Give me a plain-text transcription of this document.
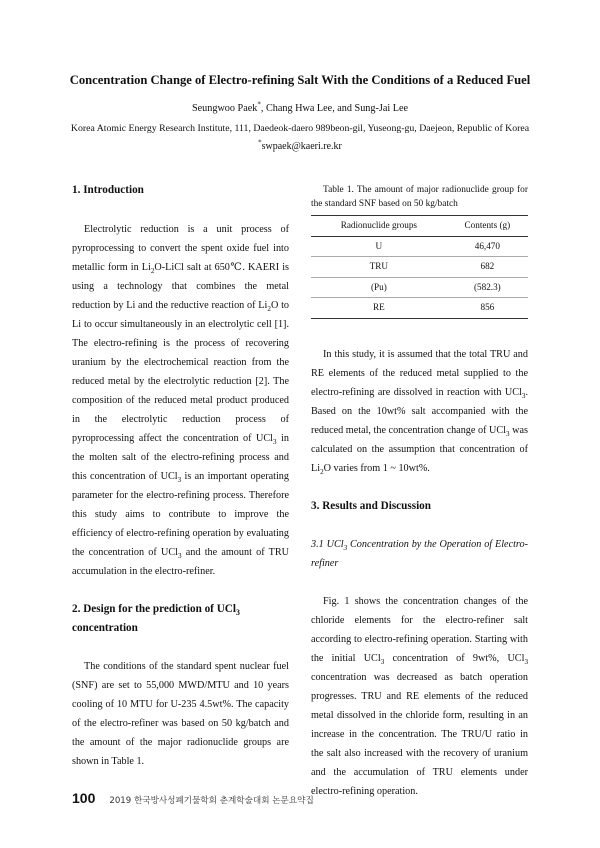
Concentration Change of Electro-refining Salt With the Conditions of a Reduced Fuel
Seungwoo Paek*, Chang Hwa Lee, and Sung-Jai Lee
Korea Atomic Energy Research Institute, 111, Daedeok-daero 989beon-gil, Yuseong-gu, Daejeon, Republic of Korea
*swpaek@kaeri.re.kr

1. Introduction

Electrolytic reduction is a unit process of pyroprocessing to convert the spent oxide fuel into metallic form in $Li_2O$-LiCl salt at 650℃. KAERI is using a technology that combines the metal reduction by Li and the reductive reaction of $Li_2O$ to Li to occur simultaneously in an electrolytic cell [1]. The electro-refining is the process of recovering uranium by the electrochemical reaction from the reduced metal by the electrolytic reduction [2]. The composition of the reduced metal product produced in the electrolytic reduction process of pyroprocessing affect the concentration of UCl$_3$ in the molten salt of the electro-refining process and this concentration of UCl$_3$ is an important operating parameter for the electro-refining process. Therefore this study aims to contribute to improve the efficiency of electro-refining operation by evaluating the concentration of UCl$_3$ and the amount of TRU accumulation in the electro-refiner.

2. Design for the prediction of UCl$_3$
concentration

The conditions of the standard spent nuclear fuel (SNF) are set to 55,000 MWD/MTU and 10 years cooling of 10 MTU for U-235 4.5wt%. The capacity of the electro-refiner was based on 50 kg/batch and the amount of the major radionuclide groups are shown in Table 1.

Table 1. The amount of major radionuclide group for the standard SNF based on 50 kg/batch

Radionuclide groups	Contents (g)
U	46,470
TRU	682
(Pu)	(582.3)
RE	856

In this study, it is assumed that the total TRU and RE elements of the reduced metal supplied to the electro-refining are dissolved in reaction with UCl$_3$. Based on the 10wt% salt accompanied with the reduced metal, the concentration change of UCl$_3$ was calculated on the assumption that concentration of $Li_2O$ varies from 1 ~ 10wt%.

3. Results and Discussion

3.1 UCl$_3$ Concentration by the Operation of Electro-refiner

Fig. 1 shows the concentration changes of the chloride elements for the electro-refiner salt according to electro-refining operation. Starting with the initial UCl$_3$ concentration of 9wt%, UCl$_3$ concentration was decreased as batch operation progresses. TRU and RE elements of the reduced metal dissolved in the chloride form, resulting in an increase in the concentration. The TRU/U ratio in the salt also increased with the recovery of uranium and the accumulation of TRU elements under electro-refining operation.

100 2019 한국방사성폐기물학회 춘계학술대회 논문요약집
